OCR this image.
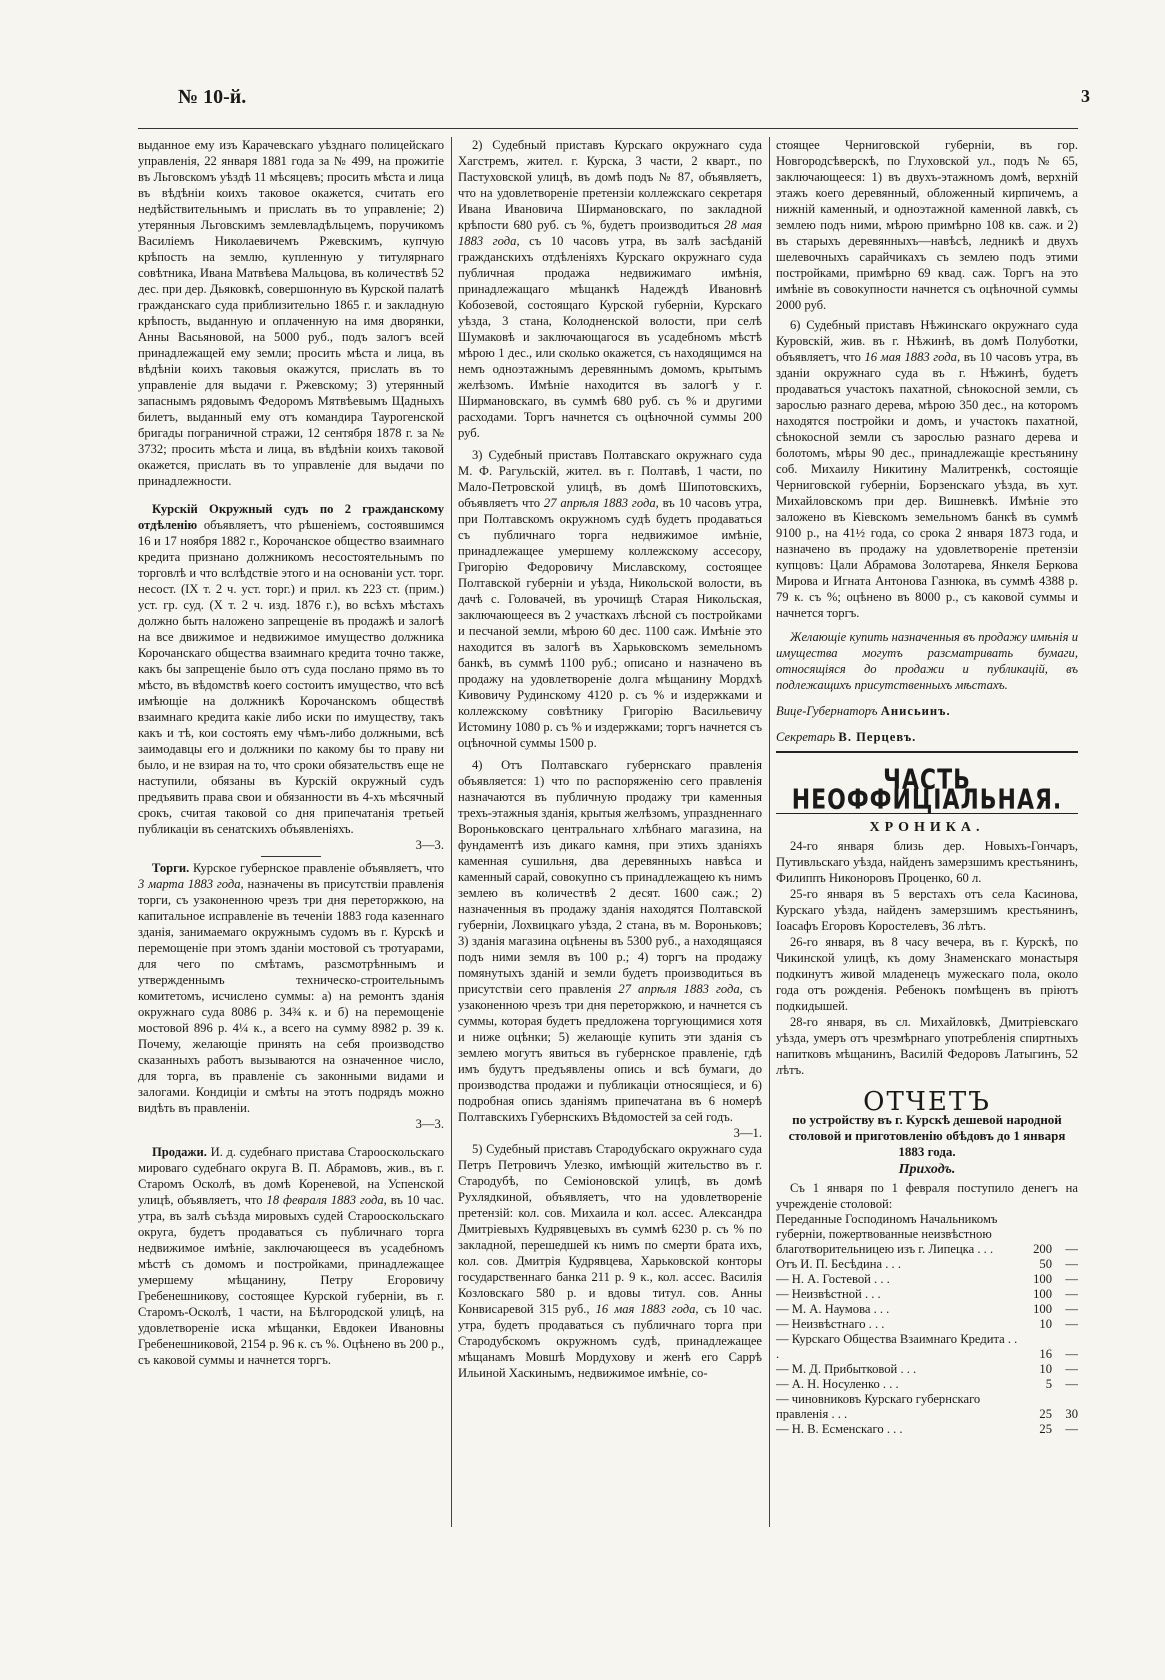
№ 10-й.	3

выданное ему изъ Карачевскаго уѣзднаго полицейскаго управленія, 22 января 1881 года за № 499, на прожитіе въ Льговскомъ уѣздѣ 11 мѣсяцевъ; просить мѣста и лица въ вѣдѣніи коихъ таковое окажется, считать его недѣйствительнымъ и прислать въ то управленіе; 2) утерянныя Льговскимъ землевладѣльцемъ, поручикомъ Василіемъ Николаевичемъ Ржевскимъ, купчую крѣпость на землю, купленную у титулярнаго совѣтника, Ивана Матвѣева Мальцова, въ количествѣ 52 дес. при дер. Дьяковкѣ, совершонную въ Курской палатѣ гражданскаго суда приблизительно 1865 г. и закладную крѣпость, выданную и оплаченную на имя дворянки, Анны Васьяновой, на 5000 руб., подъ залогъ всей принадлежащей ему земли; просить мѣста и лица, въ вѣдѣніи коихъ таковыя окажутся, прислать въ то управленіе для выдачи г. Ржевскому; 3) утерянный запаснымъ рядовымъ Федоромъ Мятвѣевымъ Щадныхъ билетъ, выданный ему отъ командира Таурогенской бригады пограничной стражи, 12 сентября 1878 г. за № 3732; просить мѣста и лица, въ вѣдѣніи коихъ таковой окажется, прислать въ то управленіе для выдачи по принадлежности.

Курскій Окружный судъ по 2 гражданскому отдѣленію объявляетъ, что рѣшеніемъ, состоявшимся 16 и 17 ноября 1882 г., Корочанское общество взаимнаго кредита признано должникомъ несостоятельнымъ по торговлѣ и что вслѣдствіе этого и на основаніи уст. торг. несост. (IX т. 2 ч. уст. торг.) и прил. къ 223 ст. (прим.) уст. гр. суд. (X т. 2 ч. изд. 1876 г.), во всѣхъ мѣстахъ должно быть наложено запрещеніе въ продажѣ и залогѣ на все движимое и недвижимое имущество должника Корочанскаго общества взаимнаго кредита точно также, какъ бы запрещеніе было отъ суда послано прямо въ то мѣсто, въ вѣдомствѣ коего состоитъ имущество, что всѣ имѣющіе на должникѣ Корочанскомъ обществѣ взаимнаго кредита какіе либо иски по имуществу, такъ какъ и тѣ, кои состоять ему чѣмъ-либо должными, всѣ заимодавцы его и должники по какому бы то праву ни было, и не взирая на то, что сроки обязательствъ еще не наступили, обязаны въ Курскій окружный судъ предъявить права свои и обязанности въ 4-хъ мѣсячный срокъ, считая таковой со дня припечатанія третьей публикаціи въ сенатскихъ объявленіяхъ.
3—3.

Торги. Курское губернское правленіе объявляетъ, что 3 марта 1883 года, назначены въ присутствіи правленія торги, съ узаконенною чрезъ три дня переторжкою, на капитальное исправленіе въ теченіи 1883 года казеннаго зданія, занимаемаго окружнымъ судомъ въ г. Курскѣ и перемощеніе при этомъ зданіи мостовой съ тротуарами, для чего по смѣтамъ, разсмотрѣннымъ и утвержденнымъ техническо-строительнымъ комитетомъ, исчислено суммы: а) на ремонтъ зданія окружнаго суда 8086 р. 34¾ к. и б) на перемощеніе мостовой 896 р. 4¼ к., а всего на сумму 8982 р. 39 к. Почему, желающіе принять на себя производство сказанныхъ работъ вызываются на означенное число, для торга, въ правленіе съ законными видами и залогами. Кондиціи и смѣты на этотъ подрядъ можно видѣть въ правленіи.
3—3.

Продажи. И. д. судебнаго пристава Старооскольскаго мироваго судебнаго округа В. П. Абрамовъ, жив., въ г. Старомъ Осколѣ, въ домѣ Кореневой, на Успенской улицѣ, объявляетъ, что 18 февраля 1883 года, въ 10 час. утра, въ залѣ съѣзда мировыхъ судей Старооскольскаго округа, будетъ продаваться съ публичнаго торга недвижимое имѣніе, заключающееся въ усадебномъ мѣстѣ съ домомъ и постройками, принадлежащее умершему мѣщанину, Петру Егоровичу Гребенешникову, состоящее Курской губерніи, въ г. Старомъ-Осколѣ, 1 части, на Бѣлгородской улицѣ, на удовлетвореніе иска мѣщанки, Евдокеи Ивановны Гребенешниковой, 2154 р. 96 к. съ %. Оцѣнено въ 200 р., съ каковой суммы и начнется торгъ.

2) Судебный приставъ Курскаго окружнаго суда Хагстремъ, жител. г. Курска, 3 части, 2 кварт., по Пастуховской улицѣ, въ домѣ подъ № 87, объявляетъ, что на удовлетвореніе претензіи коллежскаго секретаря Ивана Ивановича Ширмановскаго, по закладной крѣпости 680 руб. съ %, будетъ производиться 28 мая 1883 года, съ 10 часовъ утра, въ залѣ засѣданій гражданскихъ отдѣленіяхъ Курскаго окружнаго суда публичная продажа недвижимаго имѣнія, принадлежащаго мѣщанкѣ Надеждѣ Ивановнѣ Кобозевой, состоящаго Курской губерніи, Курскаго уѣзда, 3 стана, Колодненской волости, при селѣ Шумаковѣ и заключающагося въ усадебномъ мѣстѣ мѣрою 1 дес., или сколько окажется, съ находящимся на немъ одноэтажнымъ деревяннымъ домомъ, крытымъ желѣзомъ. Имѣніе находится въ залогѣ у г. Ширмановскаго, въ суммѣ 680 руб. съ % и другими расходами. Торгъ начнется съ оцѣночной суммы 200 руб.

3) Судебный приставъ Полтавскаго окружнаго суда М. Ф. Рагульскій, жител. въ г. Полтавѣ, 1 части, по Мало-Петровской улицѣ, въ домѣ Шипотовскихъ, объявляетъ что 27 апрѣля 1883 года, въ 10 часовъ утра, при Полтавскомъ окружномъ судѣ будетъ продаваться съ публичнаго торга недвижимое имѣніе, принадлежащее умершему коллежскому ассесору, Григорію Федоровичу Миславскому, состоящее Полтавской губерніи и уѣзда, Никольской волости, въ дачѣ с. Головачей, въ урочищѣ Старая Никольская, заключающееся въ 2 участкахъ лѣсной съ постройками и песчаной земли, мѣрою 60 дес. 1100 саж. Имѣніе это находится въ залогѣ въ Харьковскомъ земельномъ банкѣ, въ суммѣ 1100 руб.; описано и назначено въ продажу на удовлетвореніе долга мѣщанину Мордхѣ Кивовичу Рудинскому 4120 р. съ % и издержками и коллежскому совѣтнику Григорію Васильевичу Истомину 1080 р. съ % и издержками; торгъ начнется съ оцѣночной суммы 1500 р.

4) Отъ Полтавскаго губернскаго правленія объявляется: 1) что по распоряженію сего правленія назначаются въ публичную продажу три каменныя трехъ-этажныя зданія, крытыя желѣзомъ, упраздненнаго Вороньковскаго центральнаго хлѣбнаго магазина, на фундаментѣ изъ дикаго камня, при этихъ зданіяхъ каменная сушильня, два деревянныхъ навѣса и каменный сарай, совокупно съ принадлежащею къ нимъ землею въ количествѣ 2 десят. 1600 саж.; 2) назначенныя въ продажу зданія находятся Полтавской губерніи, Лохвицкаго уѣзда, 2 стана, въ м. Вороньковъ; 3) зданія магазина оцѣнены въ 5300 руб., а находящаяся подъ ними земля въ 100 р.; 4) торгъ на продажу помянутыхъ зданій и земли будетъ производиться въ присутствіи сего правленія 27 апрѣля 1883 года, съ узаконенною чрезъ три дня переторжкою, и начнется съ суммы, которая будетъ предложена торгующимися хотя и ниже оцѣнки; 5) желающіе купить эти зданія съ землею могутъ явиться въ губернское правленіе, гдѣ имъ будутъ предъявлены опись и всѣ бумаги, до производства продажи и публикаціи относящіеся, и 6) подробная опись зданіямъ припечатана въ 6 номерѣ Полтавскихъ Губернскихъ Вѣдомостей за сей годъ.
3—1.

5) Судебный приставъ Стародубскаго окружнаго суда Петръ Петровичъ Улезко, имѣющій жительство въ г. Стародубѣ, по Семіоновской улицѣ, въ домѣ Рухлядкиной, объявляетъ, что на удовлетвореніе претензій: кол. сов. Михаила и кол. ассес. Александра Дмитріевыхъ Кудрявцевыхъ въ суммѣ 6230 р. съ % по закладной, перешедшей къ нимъ по смерти брата ихъ, кол. сов. Дмитрія Кудрявцева, Харьковской конторы государственнаго банка 211 р. 9 к., кол. ассес. Василія Козловскаго 580 р. и вдовы титул. сов. Анны Конвисаревой 315 руб., 16 мая 1883 года, съ 10 час. утра, будетъ продаваться съ публичнаго торга при Стародубскомъ окружномъ судѣ, принадлежащее мѣщанамъ Мовшѣ Мордухову и женѣ его Саррѣ Ильиной Хаскинымъ, недвижимое имѣніе, со-

стоящее Черниговской губерніи, въ гор. Новгородсѣверскѣ, по Глуховской ул., подъ № 65, заключающееся: 1) въ двухъ-этажномъ домѣ, верхній этажъ коего деревянный, обложенный кирпичемъ, а нижній каменный, и одноэтажной каменной лавкѣ, съ землею подъ ними, мѣрою примѣрно 108 кв. саж. и 2) въ старыхъ деревянныхъ—навѣсѣ, ледникѣ и двухъ шелевочныхъ сарайчикахъ съ землею подъ этими постройками, примѣрно 69 квад. саж. Торгъ на это имѣніе въ совокупности начнется съ оцѣночной суммы 2000 руб.

6) Судебный приставъ Нѣжинскаго окружнаго суда Куровскій, жив. въ г. Нѣжинѣ, въ домѣ Полуботки, объявляетъ, что 16 мая 1883 года, въ 10 часовъ утра, въ зданіи окружнаго суда въ г. Нѣжинѣ, будетъ продаваться участокъ пахатной, сѣнокосной земли, съ зарослью разнаго дерева, мѣрою 350 дес., на которомъ находятся постройки и домъ, и участокъ пахатной, сѣнокосной земли съ зарослью разнаго дерева и болотомъ, мѣры 90 дес., принадлежащіе крестьянину соб. Михаилу Никитину Малитренкѣ, состоящіе Черниговской губерніи, Борзенскаго уѣзда, въ хут. Михайловскомъ при дер. Вишневкѣ. Имѣніе это заложено въ Кіевскомъ земельномъ банкѣ въ суммѣ 9100 р., на 41½ года, со срока 2 января 1873 года, и назначено въ продажу на удовлетвореніе претензіи купцовъ: Цали Абрамова Золотарева, Янкеля Беркова Мирова и Игната Антонова Газнюка, въ суммѣ 4388 р. 79 к. съ %; оцѣнено въ 8000 р., съ каковой суммы и начнется торгъ.

Желающіе купить назначенныя въ продажу имѣнія и имущества могутъ разсматривать бумаги, относящіяся до продажи и публикацій, въ подлежащихъ присутственныхъ мѣстахъ.

Вице-Губернаторъ Анисьинъ.

Секретарь В. Перцевъ.

ЧАСТЬ НЕОФФИЦІАЛЬНАЯ.
ХРОНИКА.

24-го января близь дер. Новыхъ-Гончаръ, Путивльскаго уѣзда, найденъ замерзшимъ крестьянинъ, Филиппъ Никоноровъ Проценко, 60 л.

25-го января въ 5 верстахъ отъ села Касинова, Курскаго уѣзда, найденъ замерзшимъ крестьянинъ, Іоасафъ Егоровъ Коростелевъ, 36 лѣтъ.

26-го января, въ 8 часу вечера, въ г. Курскѣ, по Чикинской улицѣ, къ дому Знаменскаго монастыря подкинутъ живой младенецъ мужескаго пола, около года отъ рожденія. Ребенокъ помѣщенъ въ пріютъ подкидышей.

28-го января, въ сл. Михайловкѣ, Дмитріевскаго уѣзда, умеръ отъ чрезмѣрнаго употребленія спиртныхъ напитковъ мѣщанинъ, Василій Федоровъ Латыгинъ, 52 лѣтъ.

ОТЧЕТЪ
по устройству въ г. Курскѣ дешевой народной столовой и приготовленію обѣдовъ до 1 января 1883 года.
Приходъ.

Съ 1 января по 1 февраля поступило денегъ на учрежденіе столовой:

Переданные Господиномъ Начальникомъ губерніи, пожертвованные неизвѣстною благотворительницею изъ г. Липецка . . .	200	—
Отъ И. П. Бесѣдина . . .	50	—
— Н. А. Гостевой . . .	100	—
— Неизвѣстной . . .	100	—
— М. А. Наумова . . .	100	—
— Неизвѣстнаго . . .	10	—
— Курскаго Общества Взаимнаго Кредита . . .	16	—
— М. Д. Прибытковой . . .	10	—
— А. Н. Носуленко . . .	5	—
— чиновниковъ Курскаго губернскаго правленія . . .	25	30
— Н. В. Есменскаго . . .	25	—
